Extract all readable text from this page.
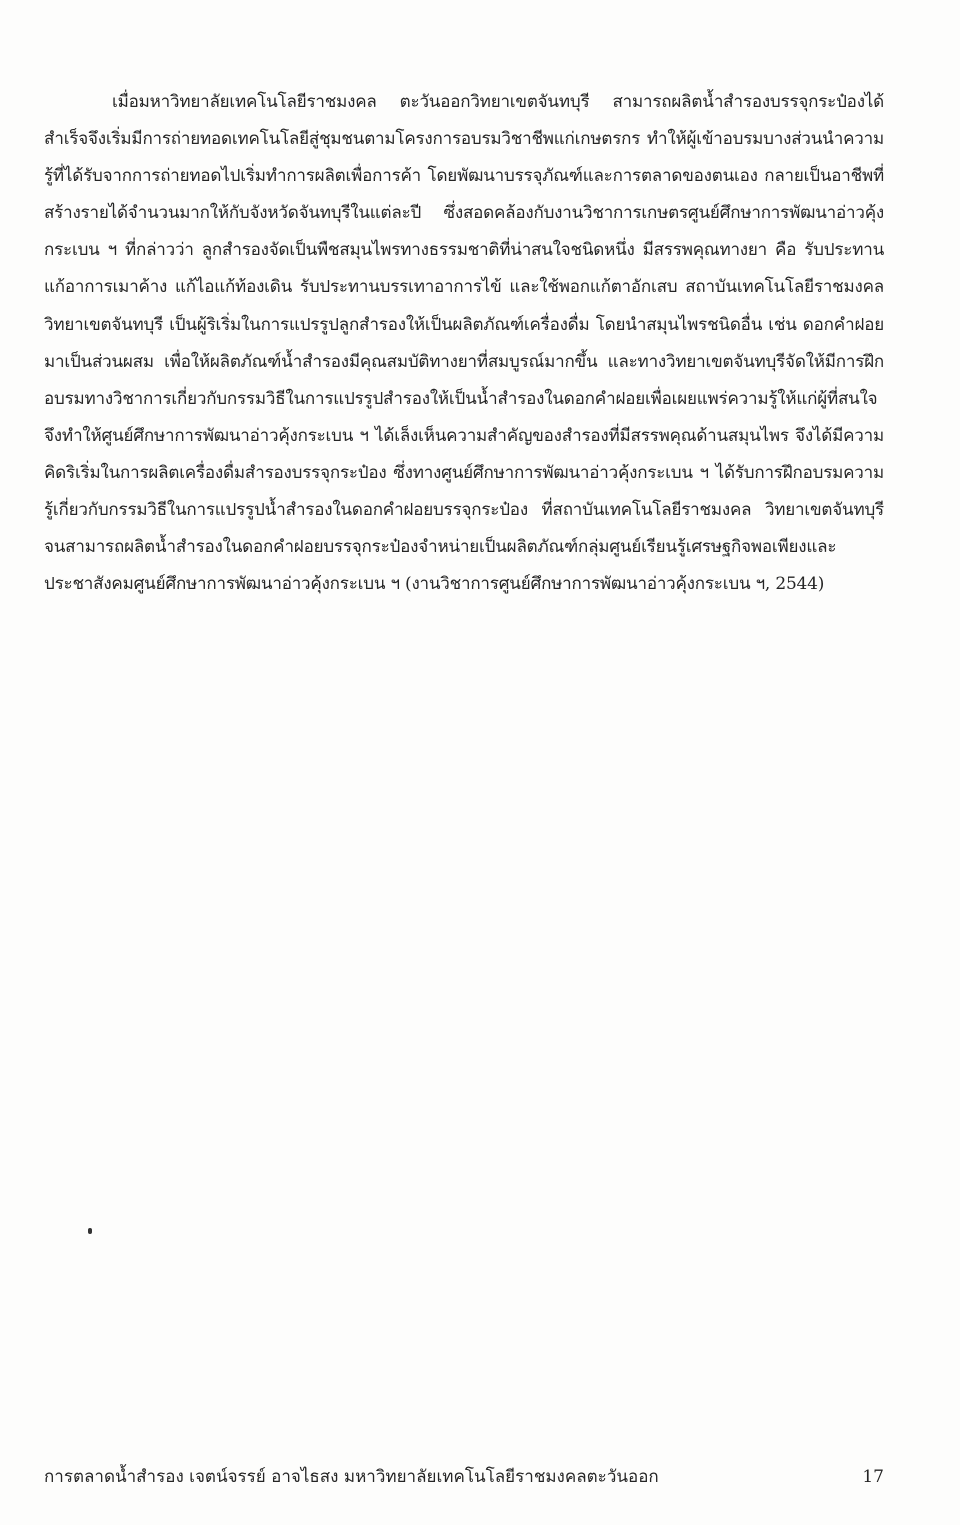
เมื่อมหาวิทยาลัยเทคโนโลยีราชมงคล ตะวันออกวิทยาเขตจันทบุรี สามารถผลิตน้ำสำรองบรรจุกระป๋องได้สำเร็จจึงเริ่มมีการถ่ายทอดเทคโนโลยีสู่ชุมชนตามโครงการอบรมวิชาชีพแก่เกษตรกร ทำให้ผู้เข้าอบรมบางส่วนนำความรู้ที่ได้รับจากการถ่ายทอดไปเริ่มทำการผลิตเพื่อการค้า โดยพัฒนาบรรจุภัณฑ์และการตลาดของตนเอง กลายเป็นอาชีพที่สร้างรายได้จำนวนมากให้กับจังหวัดจันทบุรีในแต่ละปี ซึ่งสอดคล้องกับงานวิชาการเกษตรศูนย์ศึกษาการพัฒนาอ่าวคุ้งกระเบน ฯ ที่กล่าวว่า ลูกสำรองจัดเป็นพืชสมุนไพรทางธรรมชาติที่น่าสนใจชนิดหนึ่ง มีสรรพคุณทางยา คือ รับประทานแก้อาการเมาค้าง แก้ไอแก้ท้องเดิน รับประทานบรรเทาอาการไข้ และใช้พอกแก้ตาอักเสบ สถาบันเทคโนโลยีราชมงคล วิทยาเขตจันทบุรี เป็นผู้ริเริ่มในการแปรรูปลูกสำรองให้เป็นผลิตภัณฑ์เครื่องดื่ม โดยนำสมุนไพรชนิดอื่น เช่น ดอกคำฝอยมาเป็นส่วนผสม เพื่อให้ผลิตภัณฑ์น้ำสำรองมีคุณสมบัติทางยาที่สมบูรณ์มากขึ้น และทางวิทยาเขตจันทบุรีจัดให้มีการฝึกอบรมทางวิชาการเกี่ยวกับกรรมวิธีในการแปรรูปสำรองให้เป็นน้ำสำรองในดอกคำฝอยเพื่อเผยแพร่ความรู้ให้แก่ผู้ที่สนใจ จึงทำให้ศูนย์ศึกษาการพัฒนาอ่าวคุ้งกระเบน ฯ ได้เล็งเห็นความสำคัญของสำรองที่มีสรรพคุณด้านสมุนไพร จึงได้มีความคิดริเริ่มในการผลิตเครื่องดื่มสำรองบรรจุกระป๋อง ซึ่งทางศูนย์ศึกษาการพัฒนาอ่าวคุ้งกระเบน ฯ ได้รับการฝึกอบรมความรู้เกี่ยวกับกรรมวิธีในการแปรรูปน้ำสำรองในดอกคำฝอยบรรจุกระป๋อง ที่สถาบันเทคโนโลยีราชมงคล วิทยาเขตจันทบุรี จนสามารถผลิตน้ำสำรองในดอกคำฝอยบรรจุกระป๋องจำหน่ายเป็นผลิตภัณฑ์กลุ่มศูนย์เรียนรู้เศรษฐกิจพอเพียงและประชาสังคมศูนย์ศึกษาการพัฒนาอ่าวคุ้งกระเบน ฯ (งานวิชาการศูนย์ศึกษาการพัฒนาอ่าวคุ้งกระเบน ฯ, 2544)

การตลาดน้ำสำรอง เจตน์จรรย์ อาจไธสง มหาวิทยาลัยเทคโนโลยีราชมงคลตะวันออก	17
